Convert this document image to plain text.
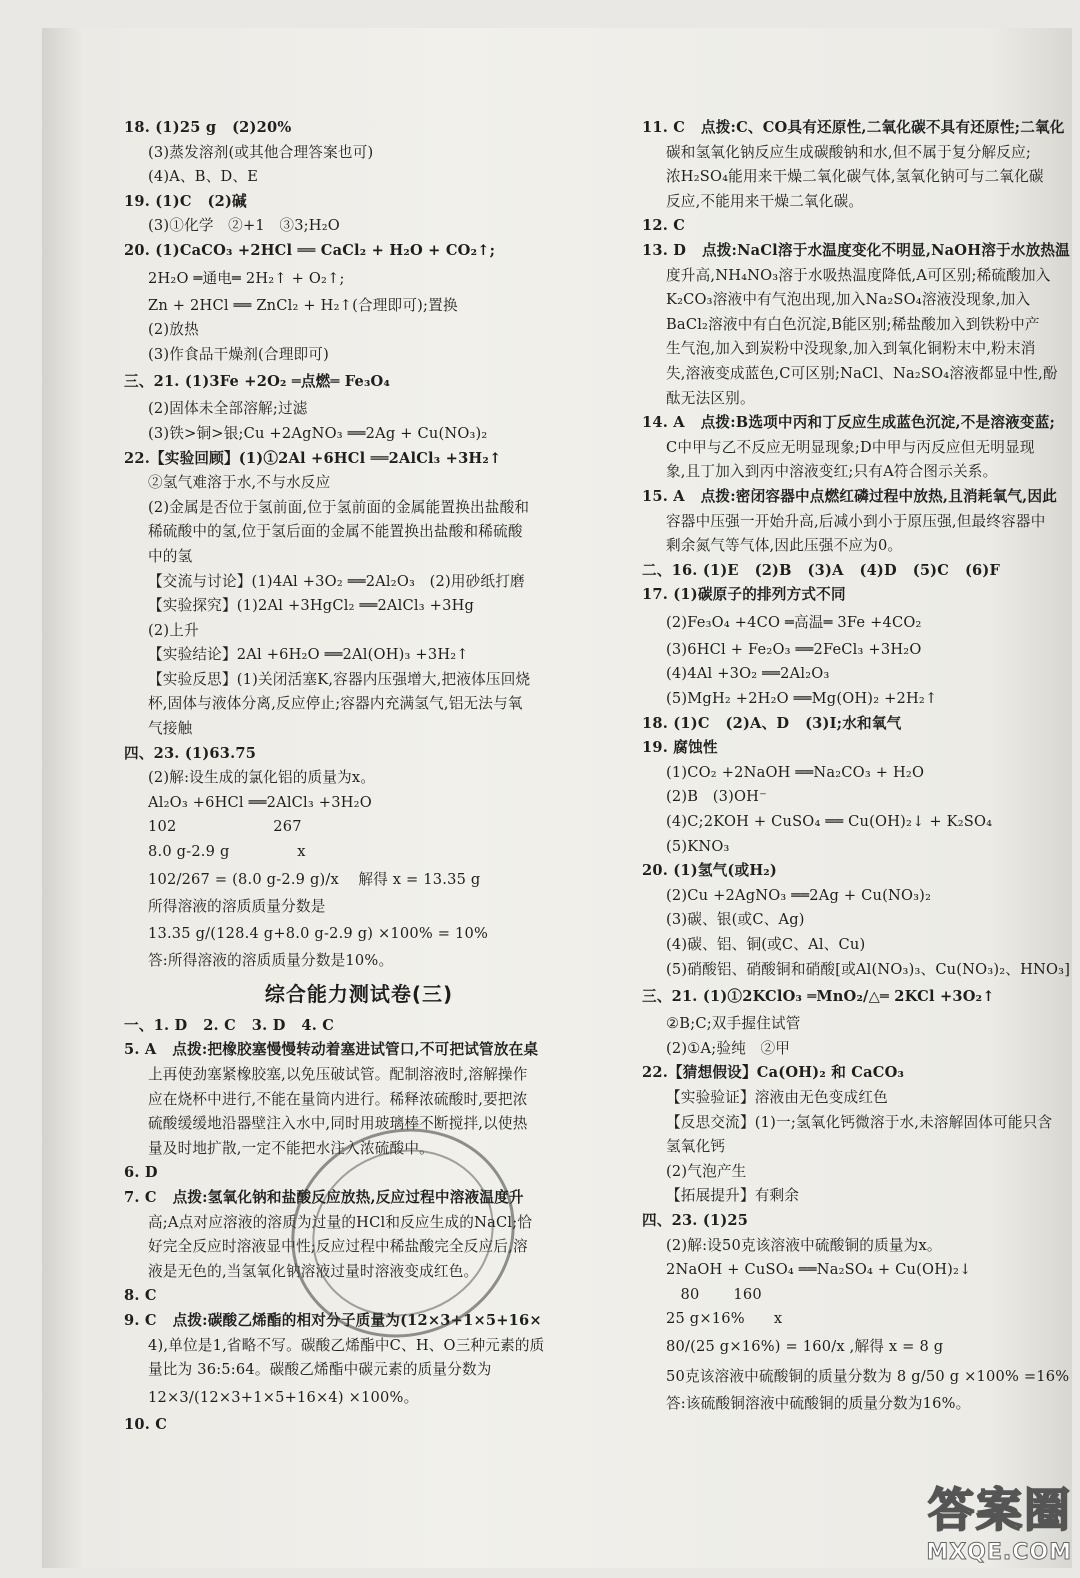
18. (1)25 g   (2)20%
(3)蒸发溶剂(或其他合理答案也可)
(4)A、B、D、E
19. (1)C   (2)碱
(3)①化学   ②+1   ③3;H₂O
20. (1)CaCO₃ +2HCl ══ CaCl₂ + H₂O + CO₂↑;
2H₂O ═通电═ 2H₂↑ + O₂↑;
Zn + 2HCl ══ ZnCl₂ + H₂↑(合理即可);置换
(2)放热
(3)作食品干燥剂(合理即可)
三、21. (1)3Fe +2O₂ ═点燃═ Fe₃O₄
(2)固体未全部溶解;过滤
(3)铁>铜>银;Cu +2AgNO₃ ══2Ag + Cu(NO₃)₂
22.【实验回顾】(1)①2Al +6HCl ══2AlCl₃ +3H₂↑
②氢气难溶于水,不与水反应
(2)金属是否位于氢前面,位于氢前面的金属能置换出盐酸和
稀硫酸中的氢,位于氢后面的金属不能置换出盐酸和稀硫酸
中的氢
【交流与讨论】(1)4Al +3O₂ ══2Al₂O₃   (2)用砂纸打磨
【实验探究】(1)2Al +3HgCl₂ ══2AlCl₃ +3Hg
(2)上升
【实验结论】2Al +6H₂O ══2Al(OH)₃ +3H₂↑
【实验反思】(1)关闭活塞K,容器内压强增大,把液体压回烧
杯,固体与液体分离,反应停止;容器内充满氢气,铝无法与氧
气接触
四、23. (1)63.75
(2)解:设生成的氯化铝的质量为x。
Al₂O₃ +6HCl ══2AlCl₃ +3H₂O
102                    267
8.0 g-2.9 g              x
102/267 = (8.0 g-2.9 g)/x    解得 x = 13.35 g
所得溶液的溶质质量分数是
13.35 g/(128.4 g+8.0 g-2.9 g) ×100% = 10%
答:所得溶液的溶质质量分数是10%。
综合能力测试卷(三)
一、1. D   2. C   3. D   4. C
5. A   点拨:把橡胶塞慢慢转动着塞进试管口,不可把试管放在桌
上再使劲塞紧橡胶塞,以免压破试管。配制溶液时,溶解操作
应在烧杯中进行,不能在量筒内进行。稀释浓硫酸时,要把浓
硫酸缓缓地沿器壁注入水中,同时用玻璃棒不断搅拌,以使热
量及时地扩散,一定不能把水注入浓硫酸中。
6. D
7. C   点拨:氢氧化钠和盐酸反应放热,反应过程中溶液温度升
高;A点对应溶液的溶质为过量的HCl和反应生成的NaCl;恰
好完全反应时溶液显中性;反应过程中稀盐酸完全反应后,溶
液是无色的,当氢氧化钠溶液过量时溶液变成红色。
8. C
9. C   点拨:碳酸乙烯酯的相对分子质量为(12×3+1×5+16×
4),单位是1,省略不写。碳酸乙烯酯中C、H、O三种元素的质
量比为 36:5:64。碳酸乙烯酯中碳元素的质量分数为
12×3/(12×3+1×5+16×4) ×100%。
10. C
11. C   点拨:C、CO具有还原性,二氧化碳不具有还原性;二氧化
碳和氢氧化钠反应生成碳酸钠和水,但不属于复分解反应;
浓H₂SO₄能用来干燥二氧化碳气体,氢氧化钠可与二氧化碳
反应,不能用来干燥二氧化碳。
12. C
13. D   点拨:NaCl溶于水温度变化不明显,NaOH溶于水放热温
度升高,NH₄NO₃溶于水吸热温度降低,A可区别;稀硫酸加入
K₂CO₃溶液中有气泡出现,加入Na₂SO₄溶液没现象,加入
BaCl₂溶液中有白色沉淀,B能区别;稀盐酸加入到铁粉中产
生气泡,加入到炭粉中没现象,加入到氧化铜粉末中,粉末消
失,溶液变成蓝色,C可区别;NaCl、Na₂SO₄溶液都显中性,酚
酞无法区别。
14. A   点拨:B选项中丙和丁反应生成蓝色沉淀,不是溶液变蓝;
C中甲与乙不反应无明显现象;D中甲与丙反应但无明显现
象,且丁加入到丙中溶液变红;只有A符合图示关系。
15. A   点拨:密闭容器中点燃红磷过程中放热,且消耗氧气,因此
容器中压强一开始升高,后减小到小于原压强,但最终容器中
剩余氮气等气体,因此压强不应为0。
二、16. (1)E   (2)B   (3)A   (4)D   (5)C   (6)F
17. (1)碳原子的排列方式不同
(2)Fe₃O₄ +4CO ═高温═ 3Fe +4CO₂
(3)6HCl + Fe₂O₃ ══2FeCl₃ +3H₂O
(4)4Al +3O₂ ══2Al₂O₃
(5)MgH₂ +2H₂O ══Mg(OH)₂ +2H₂↑
18. (1)C   (2)A、D   (3)Ⅰ;水和氧气
19. 腐蚀性
(1)CO₂ +2NaOH ══Na₂CO₃ + H₂O
(2)B   (3)OH⁻
(4)C;2KOH + CuSO₄ ══ Cu(OH)₂↓ + K₂SO₄
(5)KNO₃
20. (1)氢气(或H₂)
(2)Cu +2AgNO₃ ══2Ag + Cu(NO₃)₂
(3)碳、银(或C、Ag)
(4)碳、铝、铜(或C、Al、Cu)
(5)硝酸铝、硝酸铜和硝酸[或Al(NO₃)₃、Cu(NO₃)₂、HNO₃]
三、21. (1)①2KClO₃ ═MnO₂/△═ 2KCl +3O₂↑
②B;C;双手握住试管
(2)①A;验纯   ②甲
22.【猜想假设】Ca(OH)₂ 和 CaCO₃
【实验验证】溶液由无色变成红色
【反思交流】(1)一;氢氧化钙微溶于水,未溶解固体可能只含
氢氧化钙
(2)气泡产生
【拓展提升】有剩余
四、23. (1)25
(2)解:设50克该溶液中硫酸铜的质量为x。
2NaOH + CuSO₄ ══Na₂SO₄ + Cu(OH)₂↓
80       160
25 g×16%      x
80/(25 g×16%) = 160/x ,解得 x = 8 g
50克该溶液中硫酸铜的质量分数为 8 g/50 g ×100% =16%
答:该硫酸铜溶液中硫酸铜的质量分数为16%。
答案圈
MXQE.COM
